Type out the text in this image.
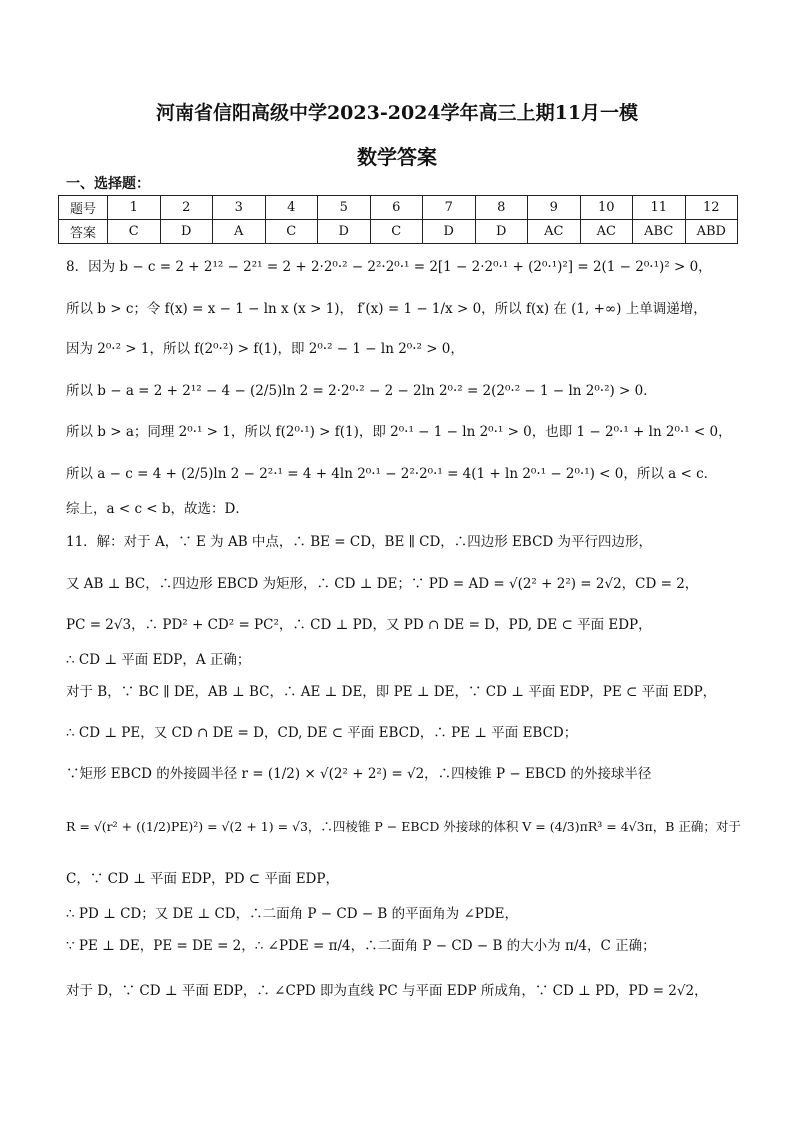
河南省信阳高级中学2023-2024学年高三上期11月一模
数学答案
一、选择题：
题号	1	2	3	4	5	6	7	8	9	10	11	12
答案	C	D	A	C	D	C	D	D	AC	AC	ABC	ABD
8．因为 b − c = 2 + 2¹² − 2²¹ = 2 + 2·2⁰·² − 2²·2⁰·¹ = 2[1 − 2·2⁰·¹ + (2⁰·¹)²] = 2(1 − 2⁰·¹)² > 0，
所以 b > c；令 f(x) = x − 1 − ln x (x > 1)， f′(x) = 1 − 1/x > 0，所以 f(x) 在 (1, +∞) 上单调递增，
因为 2⁰·² > 1，所以 f(2⁰·²) > f(1)，即 2⁰·² − 1 − ln 2⁰·² > 0，
所以 b − a = 2 + 2¹² − 4 − (2/5)ln 2 = 2·2⁰·² − 2 − 2ln 2⁰·² = 2(2⁰·² − 1 − ln 2⁰·²) > 0．
所以 b > a；同理 2⁰·¹ > 1，所以 f(2⁰·¹) > f(1)，即 2⁰·¹ − 1 − ln 2⁰·¹ > 0，也即 1 − 2⁰·¹ + ln 2⁰·¹ < 0，
所以 a − c = 4 + (2/5)ln 2 − 2²·¹ = 4 + 4ln 2⁰·¹ − 2²·2⁰·¹ = 4(1 + ln 2⁰·¹ − 2⁰·¹) < 0，所以 a < c．
综上，a < c < b，故选：D．
11．解：对于 A，∵ E 为 AB 中点，∴ BE = CD，BE ∥ CD，∴四边形 EBCD 为平行四边形，
又 AB ⊥ BC，∴四边形 EBCD 为矩形，∴ CD ⊥ DE；∵ PD = AD = √(2² + 2²) = 2√2，CD = 2，
PC = 2√3，∴ PD² + CD² = PC²，∴ CD ⊥ PD，又 PD ∩ DE = D，PD, DE ⊂ 平面 EDP，
∴ CD ⊥ 平面 EDP，A 正确；
对于 B，∵ BC ∥ DE，AB ⊥ BC，∴ AE ⊥ DE，即 PE ⊥ DE，∵ CD ⊥ 平面 EDP，PE ⊂ 平面 EDP，
∴ CD ⊥ PE，又 CD ∩ DE = D，CD, DE ⊂ 平面 EBCD，∴ PE ⊥ 平面 EBCD；
∵矩形 EBCD 的外接圆半径 r = (1/2) × √(2² + 2²) = √2，∴四棱锥 P − EBCD 的外接球半径
R = √(r² + ((1/2)PE)²) = √(2 + 1) = √3，∴四棱锥 P − EBCD 外接球的体积 V = (4/3)πR³ = 4√3π，B 正确；对于
C，∵ CD ⊥ 平面 EDP，PD ⊂ 平面 EDP，
∴ PD ⊥ CD；又 DE ⊥ CD，∴二面角 P − CD − B 的平面角为 ∠PDE，
∵ PE ⊥ DE，PE = DE = 2，∴ ∠PDE = π/4，∴二面角 P − CD − B 的大小为 π/4，C 正确；
对于 D，∵ CD ⊥ 平面 EDP，∴ ∠CPD 即为直线 PC 与平面 EDP 所成角，∵ CD ⊥ PD，PD = 2√2，
